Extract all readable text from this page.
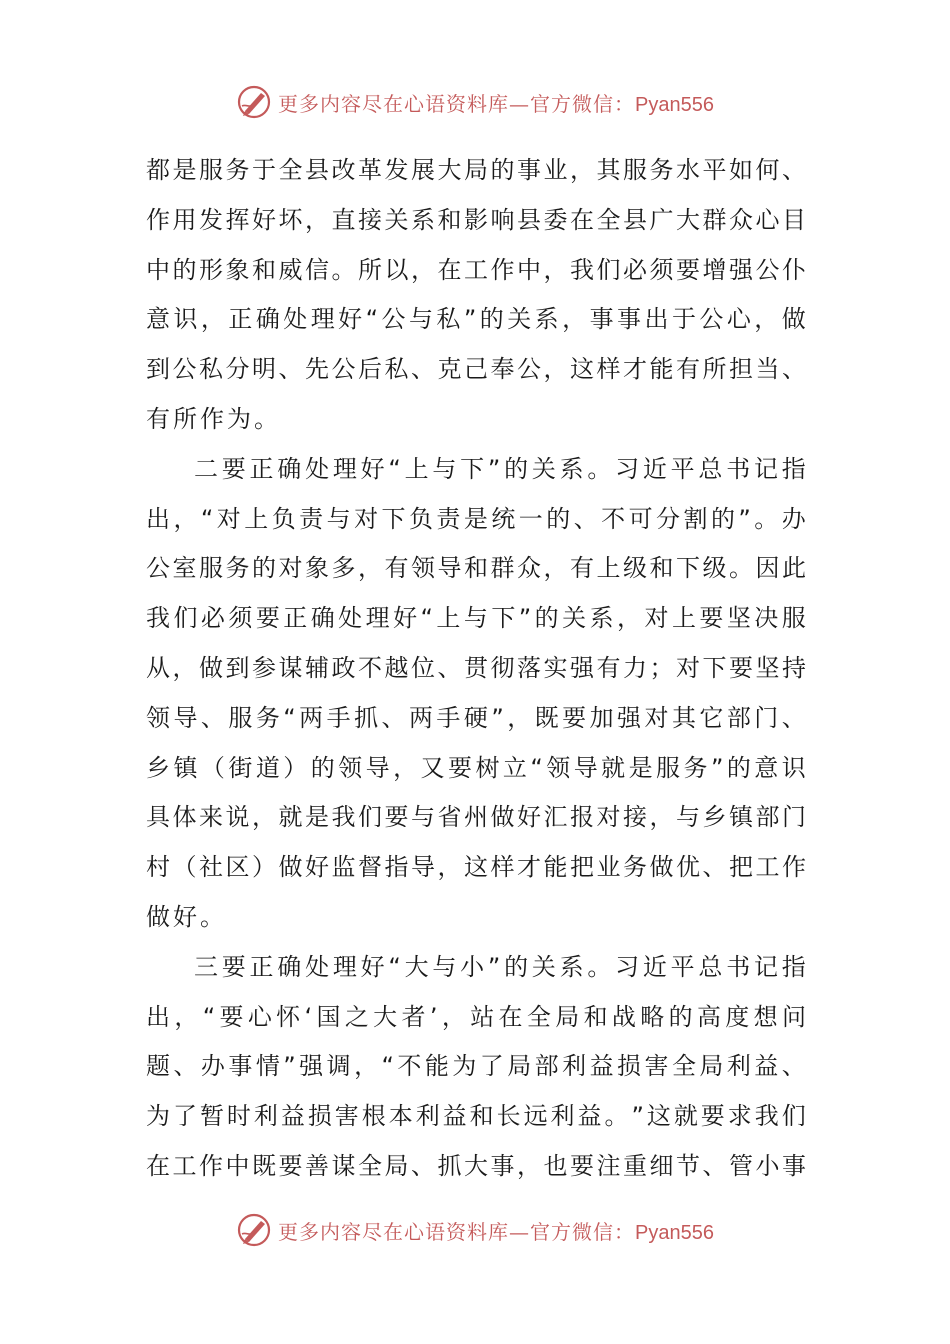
更多内容尽在心语资料库—官方微信：Pyan556
都 是 服 务 于 全 县 改 革 发 展 大 局 的 事 业 ， 其 服 务 水 平 如 何 、
作 用 发 挥 好 坏 ， 直 接 关 系 和 影 响 县 委 在 全 县 广 大 群 众 心 目
中 的 形 象 和 威 信 。 所 以 ， 在 工 作 中 ， 我 们 必 须 要 增 强 公 仆
意 识 ， 正 确 处 理 好 “ 公 与 私 ” 的 关 系 ， 事 事 出 于 公 心 ， 做
到 公 私 分 明 、 先 公 后 私 、 克 己 奉 公 ， 这 样 才 能 有 所 担 当 、
有所作为。
二 要 正 确 处 理 好 “ 上 与 下 ” 的 关 系 。 习 近 平 总 书 记 指
出 ， “ 对 上 负 责 与 对 下 负 责 是 统 一 的 、 不 可 分 割 的 ” 。 办
公 室 服 务 的 对 象 多 ， 有 领 导 和 群 众 ， 有 上 级 和 下 级 。 因 此
我 们 必 须 要 正 确 处 理 好 “ 上 与 下 ” 的 关 系 ， 对 上 要 坚 决 服
从 ， 做 到 参 谋 辅 政 不 越 位 、 贯 彻 落 实 强 有 力 ； 对 下 要 坚 持
领 导 、 服 务 “ 两 手 抓 、 两 手 硬 ” ， 既 要 加 强 对 其 它 部 门 、
乡 镇 （ 街 道 ） 的 领 导 ， 又 要 树 立 “ 领 导 就 是 服 务 ” 的 意 识
具 体 来 说 ， 就 是 我 们 要 与 省 州 做 好 汇 报 对 接 ， 与 乡 镇 部 门
村 （ 社 区 ） 做 好 监 督 指 导 ， 这 样 才 能 把 业 务 做 优 、 把 工 作
做好。
三 要 正 确 处 理 好 “ 大 与 小 ” 的 关 系 。 习 近 平 总 书 记 指
出 ， “ 要 心 怀 ‘ 国 之 大 者 ’ ， 站 在 全 局 和 战 略 的 高 度 想 问
题 、 办 事 情 ” 强 调 ， “ 不 能 为 了 局 部 利 益 损 害 全 局 利 益 、
为 了 暂 时 利 益 损 害 根 本 利 益 和 长 远 利 益 。 ” 这 就 要 求 我 们
在 工 作 中 既 要 善 谋 全 局 、 抓 大 事 ， 也 要 注 重 细 节 、 管 小 事
更多内容尽在心语资料库—官方微信：Pyan556
